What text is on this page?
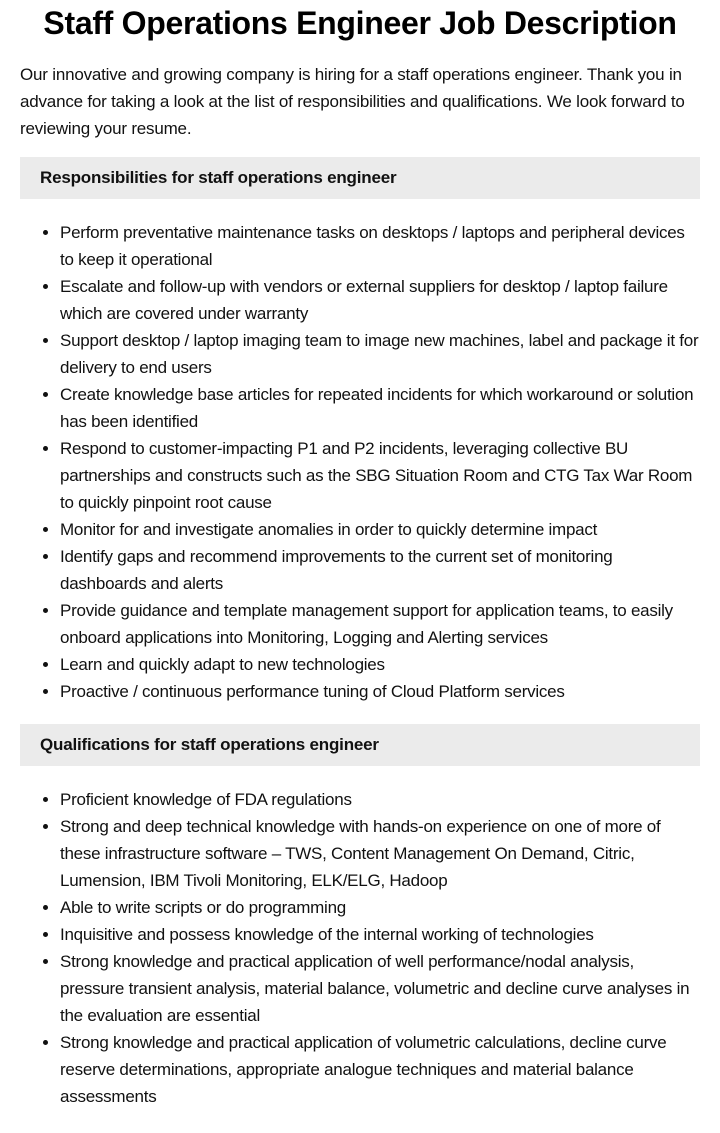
Staff Operations Engineer Job Description

Our innovative and growing company is hiring for a staff operations engineer. Thank you in advance for taking a look at the list of responsibilities and qualifications. We look forward to reviewing your resume.

Responsibilities for staff operations engineer
• Perform preventative maintenance tasks on desktops / laptops and peripheral devices to keep it operational
• Escalate and follow-up with vendors or external suppliers for desktop / laptop failure which are covered under warranty
• Support desktop / laptop imaging team to image new machines, label and package it for delivery to end users
• Create knowledge base articles for repeated incidents for which workaround or solution has been identified
• Respond to customer-impacting P1 and P2 incidents, leveraging collective BU partnerships and constructs such as the SBG Situation Room and CTG Tax War Room to quickly pinpoint root cause
• Monitor for and investigate anomalies in order to quickly determine impact
• Identify gaps and recommend improvements to the current set of monitoring dashboards and alerts
• Provide guidance and template management support for application teams, to easily onboard applications into Monitoring, Logging and Alerting services
• Learn and quickly adapt to new technologies
• Proactive / continuous performance tuning of Cloud Platform services
Qualifications for staff operations engineer
• Proficient knowledge of FDA regulations
• Strong and deep technical knowledge with hands-on experience on one of more of these infrastructure software – TWS, Content Management On Demand, Citric, Lumension, IBM Tivoli Monitoring, ELK/ELG, Hadoop
• Able to write scripts or do programming
• Inquisitive and possess knowledge of the internal working of technologies
• Strong knowledge and practical application of well performance/nodal analysis, pressure transient analysis, material balance, volumetric and decline curve analyses in the evaluation are essential
• Strong knowledge and practical application of volumetric calculations, decline curve reserve determinations, appropriate analogue techniques and material balance assessments
